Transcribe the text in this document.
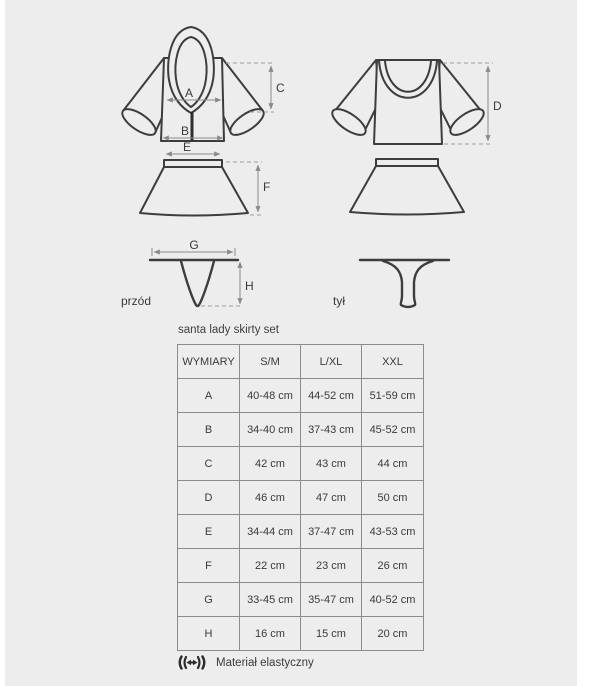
A
B
C
D
E
F
G
H
przód	tył
santa lady skirty set
WYMIARY	S/M	L/XL	XXL
A	40-48 cm	44-52 cm	51-59 cm
B	34-40 cm	37-43 cm	45-52 cm
C	42 cm	43 cm	44 cm
D	46 cm	47 cm	50 cm
E	34-44 cm	37-47 cm	43-53 cm
F	22 cm	23 cm	26 cm
G	33-45 cm	35-47 cm	40-52 cm
H	16 cm	15 cm	20 cm
Materiał elastyczny
